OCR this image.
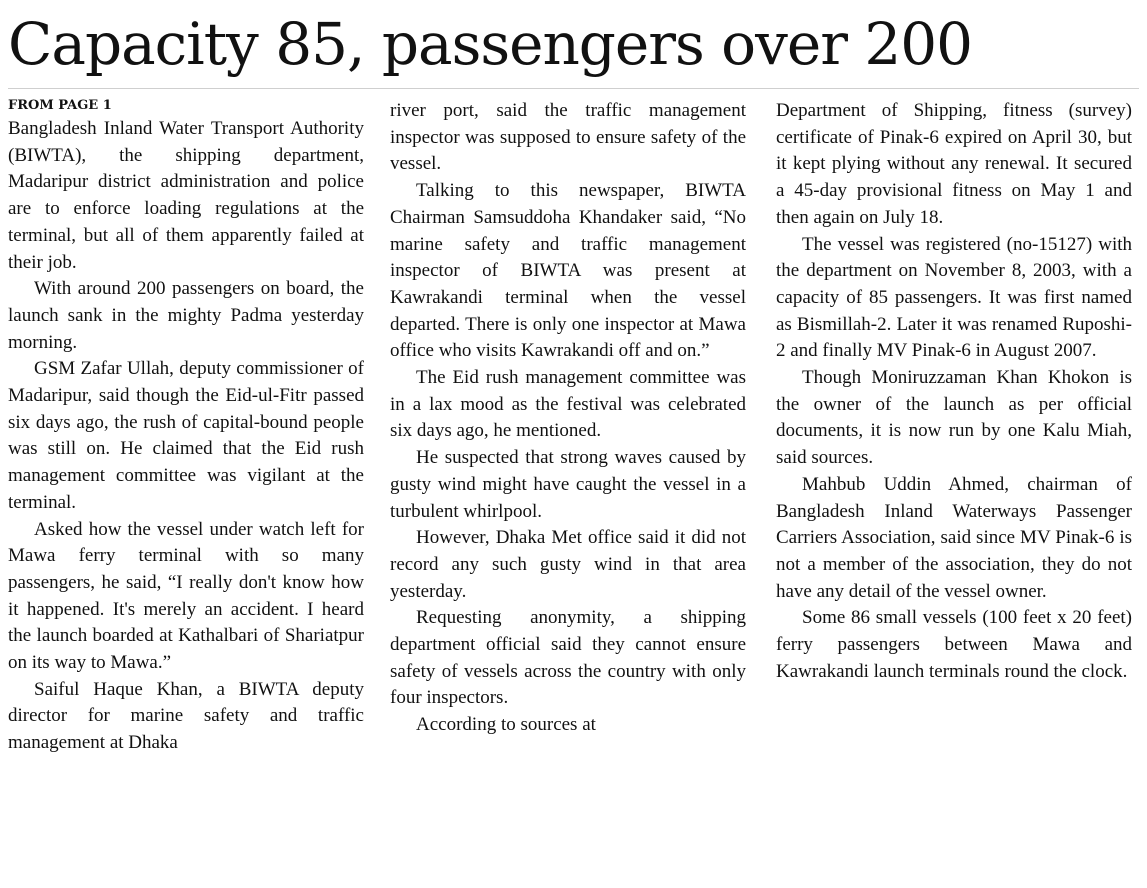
Capacity 85, passengers over 200
FROM PAGE 1

Bangladesh Inland Water Transport Authority (BIWTA), the shipping department, Madaripur district administration and police are to enforce loading regulations at the terminal, but all of them apparently failed at their job.

With around 200 passengers on board, the launch sank in the mighty Padma yesterday morning.

GSM Zafar Ullah, deputy commissioner of Madaripur, said though the Eid-ul-Fitr passed six days ago, the rush of capital-bound people was still on. He claimed that the Eid rush management committee was vigilant at the terminal.

Asked how the vessel under watch left for Mawa ferry terminal with so many passengers, he said, “I really don't know how it happened. It's merely an accident. I heard the launch boarded at Kathalbari of Shariatpur on its way to Mawa.”

Saiful Haque Khan, a BIWTA deputy director for marine safety and traffic management at Dhaka

river port, said the traffic management inspector was supposed to ensure safety of the vessel.

Talking to this newspaper, BIWTA Chairman Samsuddoha Khandaker said, “No marine safety and traffic management inspector of BIWTA was present at Kawrakandi terminal when the vessel departed. There is only one inspector at Mawa office who visits Kawrakandi off and on.”

The Eid rush management committee was in a lax mood as the festival was celebrated six days ago, he mentioned.

He suspected that strong waves caused by gusty wind might have caught the vessel in a turbulent whirlpool.

However, Dhaka Met office said it did not record any such gusty wind in that area yesterday.

Requesting anonymity, a shipping department official said they cannot ensure safety of vessels across the country with only four inspectors.

According to sources at

Department of Shipping, fitness (survey) certificate of Pinak-6 expired on April 30, but it kept plying without any renewal. It secured a 45-day provisional fitness on May 1 and then again on July 18.

The vessel was registered (no-15127) with the department on November 8, 2003, with a capacity of 85 passengers. It was first named as Bismillah-2. Later it was renamed Ruposhi-2 and finally MV Pinak-6 in August 2007.

Though Moniruzzaman Khan Khokon is the owner of the launch as per official documents, it is now run by one Kalu Miah, said sources.

Mahbub Uddin Ahmed, chairman of Bangladesh Inland Waterways Passenger Carriers Association, said since MV Pinak-6 is not a member of the association, they do not have any detail of the vessel owner.

Some 86 small vessels (100 feet x 20 feet) ferry passengers between Mawa and Kawrakandi launch terminals round the clock.
